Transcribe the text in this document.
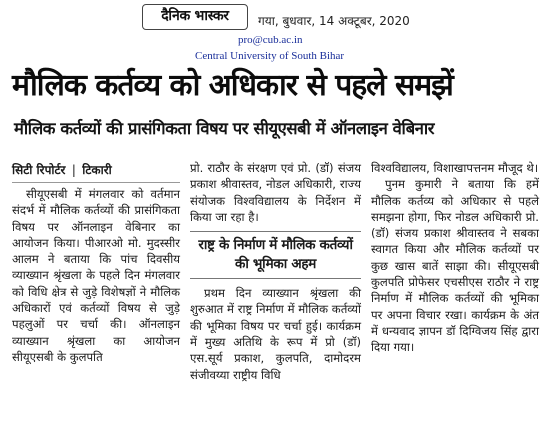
दैनिक भास्कर	गया, बुधवार, 14 अक्टूबर, 2020
pro@cub.ac.in
Central University of South Bihar
मौलिक कर्तव्य को अधिकार से पहले समझें
मौलिक कर्तव्यों की प्रासंगिकता विषय पर सीयूएसबी में ऑनलाइन वेबिनार
सिटी रिपोर्टर | टिकारी

सीयूएसबी में मंगलवार को वर्तमान संदर्भ में मौलिक कर्तव्यों की प्रासंगिकता विषय पर ऑनलाइन वेबिनार का आयोजन किया। पीआरओ मो. मुदस्सीर आलम ने बताया कि पांच दिवसीय व्याख्यान श्रृंखला के पहले दिन मंगलवार को विधि क्षेत्र से जुड़े विशेषज्ञों ने मौलिक अधिकारों एवं कर्तव्यों विषय से जुड़े पहलुओं पर चर्चा की। ऑनलाइन व्याख्यान श्रृंखला का आयोजन सीयूएसबी के कुलपति

प्रो. राठौर के संरक्षण एवं प्रो. (डॉ) संजय प्रकाश श्रीवास्तव, नोडल अधिकारी, राज्य संयोजक विश्वविद्यालय के निर्देशन में किया जा रहा है।

राष्ट्र के निर्माण में मौलिक कर्तव्यों की भूमिका अहम

प्रथम दिन व्याख्यान श्रृंखला की शुरुआत में राष्ट्र निर्माण में मौलिक कर्तव्यों की भूमिका विषय पर चर्चा हुई। कार्यक्रम में मुख्य अतिथि के रूप में प्रो (डॉ) एस.सूर्य प्रकाश, कुलपति, दामोदरम संजीवय्या राष्ट्रीय विधि

विश्वविद्यालय, विशाखापत्तनम मौजूद थे।

पुनम कुमारी ने बताया कि हमें मौलिक कर्तव्य को अधिकार से पहले समझना होगा, फिर नोडल अधिकारी प्रो. (डॉ) संजय प्रकाश श्रीवास्तव ने सबका स्वागत किया और मौलिक कर्तव्यों पर कुछ खास बातें साझा की। सीयूएसबी कुलपति प्रोफेसर एचसीएस राठौर ने राष्ट्र निर्माण में मौलिक कर्तव्यों की भूमिका पर अपना विचार रखा। कार्यक्रम के अंत में धन्यवाद ज्ञापन डॉ दिग्विजय सिंह द्वारा दिया गया।
